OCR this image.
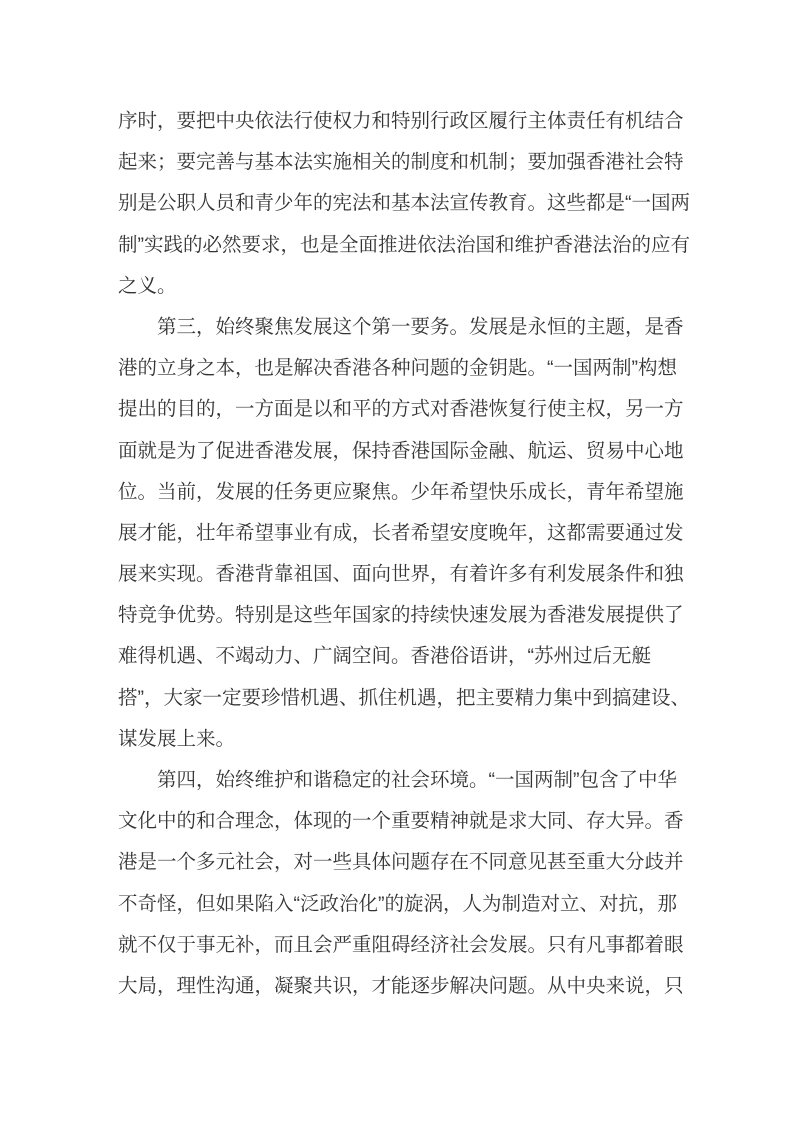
序时，要把中央依法行使权力和特别行政区履行主体责任有机结合
起来；要完善与基本法实施相关的制度和机制；要加强香港社会特
别是公职人员和青少年的宪法和基本法宣传教育。这些都是“一国两
制”实践的必然要求，也是全面推进依法治国和维护香港法治的应有
之义。
第三，始终聚焦发展这个第一要务。发展是永恒的主题，是香
港的立身之本，也是解决香港各种问题的金钥匙。“一国两制”构想
提出的目的，一方面是以和平的方式对香港恢复行使主权，另一方
面就是为了促进香港发展，保持香港国际金融、航运、贸易中心地
位。当前，发展的任务更应聚焦。少年希望快乐成长，青年希望施
展才能，壮年希望事业有成，长者希望安度晚年，这都需要通过发
展来实现。香港背靠祖国、面向世界，有着许多有利发展条件和独
特竞争优势。特别是这些年国家的持续快速发展为香港发展提供了
难得机遇、不竭动力、广阔空间。香港俗语讲，“苏州过后无艇
搭”，大家一定要珍惜机遇、抓住机遇，把主要精力集中到搞建设、
谋发展上来。
第四，始终维护和谐稳定的社会环境。“一国两制”包含了中华
文化中的和合理念，体现的一个重要精神就是求大同、存大异。香
港是一个多元社会，对一些具体问题存在不同意见甚至重大分歧并
不奇怪，但如果陷入“泛政治化”的旋涡，人为制造对立、对抗，那
就不仅于事无补，而且会严重阻碍经济社会发展。只有凡事都着眼
大局，理性沟通，凝聚共识，才能逐步解决问题。从中央来说，只
